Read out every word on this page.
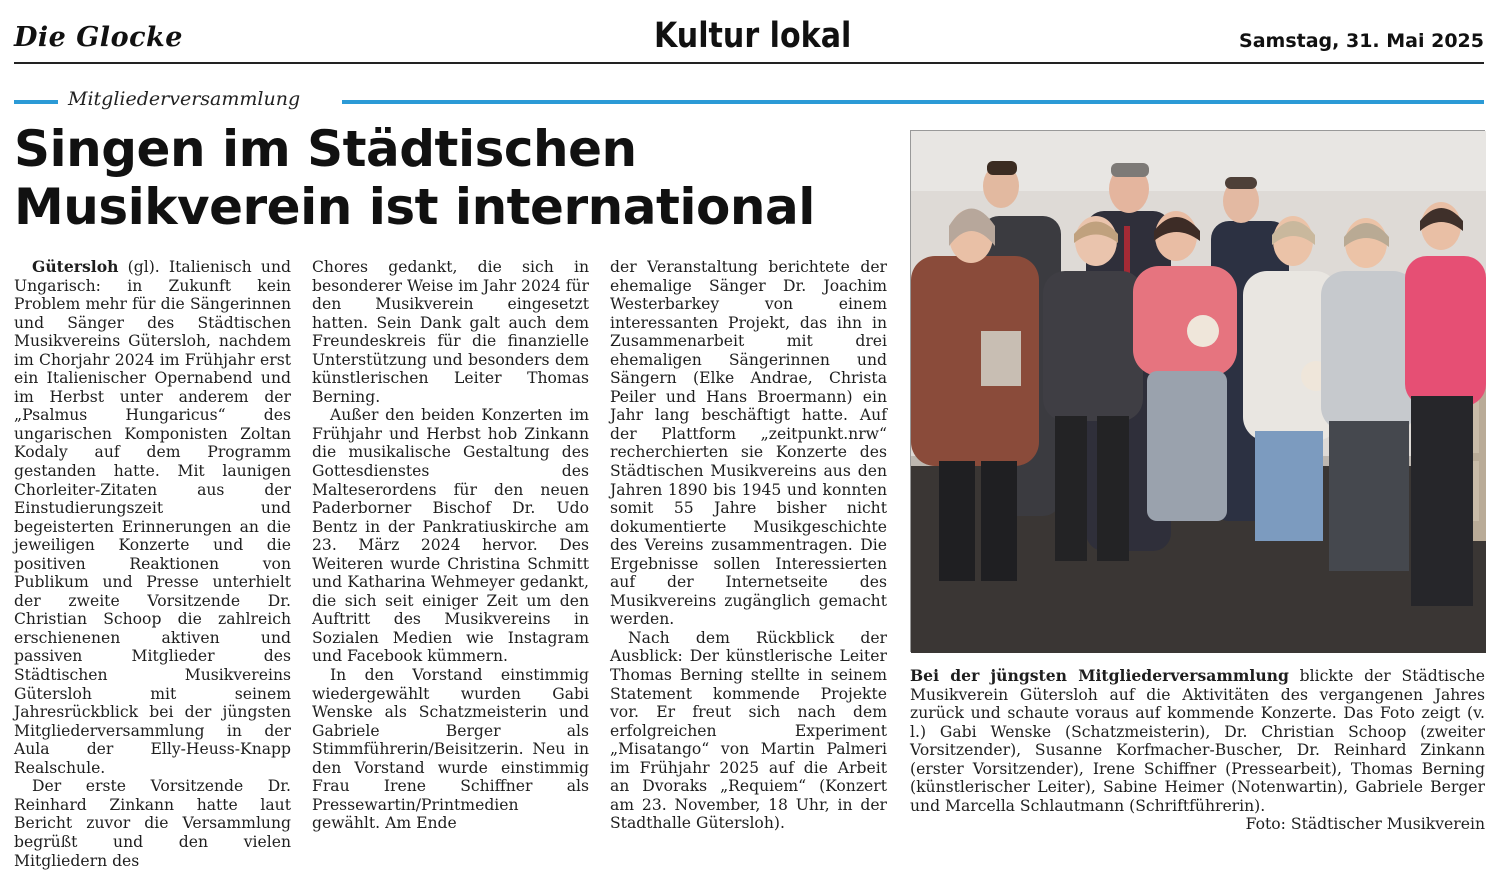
Die Glocke	Kultur lokal	Samstag, 31. Mai 2025
Mitgliederversammlung
Singen im Städtischen
Musikverein ist international

Gütersloh (gl). Italienisch und Ungarisch: in Zukunft kein Problem mehr für die Sängerinnen und Sänger des Städtischen Musikvereins Gütersloh, nachdem im Chorjahr 2024 im Frühjahr erst ein Italienischer Opernabend und im Herbst unter anderem der „Psalmus Hungaricus“ des ungarischen Komponisten Zoltan Kodaly auf dem Programm gestanden hatte. Mit launigen Chorleiter-Zitaten aus der Einstudierungszeit und begeisterten Erinnerungen an die jeweiligen Konzerte und die positiven Reaktionen von Publikum und Presse unterhielt der zweite Vorsitzende Dr. Christian Schoop die zahlreich erschienenen aktiven und passiven Mitglieder des Städtischen Musikvereins Gütersloh mit seinem Jahresrückblick bei der jüngsten Mitgliederversammlung in der Aula der Elly-Heuss-Knapp Realschule.

Der erste Vorsitzende Dr. Reinhard Zinkann hatte laut Bericht zuvor die Versammlung begrüßt und den vielen Mitgliedern des

Chores gedankt, die sich in besonderer Weise im Jahr 2024 für den Musikverein eingesetzt hatten. Sein Dank galt auch dem Freundeskreis für die finanzielle Unterstützung und besonders dem künstlerischen Leiter Thomas Berning.

Außer den beiden Konzerten im Frühjahr und Herbst hob Zinkann die musikalische Gestaltung des Gottesdienstes des Malteserordens für den neuen Paderborner Bischof Dr. Udo Bentz in der Pankratiuskirche am 23. März 2024 hervor. Des Weiteren wurde Christina Schmitt und Katharina Wehmeyer gedankt, die sich seit einiger Zeit um den Auftritt des Musikvereins in Sozialen Medien wie Instagram und Facebook kümmern.

In den Vorstand einstimmig wiedergewählt wurden Gabi Wenske als Schatzmeisterin und Gabriele Berger als Stimmführerin/Beisitzerin. Neu in den Vorstand wurde einstimmig Frau Irene Schiffner als Pressewartin/Printmedien gewählt. Am Ende

der Veranstaltung berichtete der ehemalige Sänger Dr. Joachim Westerbarkey von einem interessanten Projekt, das ihn in Zusammenarbeit mit drei ehemaligen Sängerinnen und Sängern (Elke Andrae, Christa Peiler und Hans Broermann) ein Jahr lang beschäftigt hatte. Auf der Plattform „zeitpunkt.nrw“ recherchierten sie Konzerte des Städtischen Musikvereins aus den Jahren 1890 bis 1945 und konnten somit 55 Jahre bisher nicht dokumentierte Musikgeschichte des Vereins zusammentragen. Die Ergebnisse sollen Interessierten auf der Internetseite des Musikvereins zugänglich gemacht werden.

Nach dem Rückblick der Ausblick: Der künstlerische Leiter Thomas Berning stellte in seinem Statement kommende Projekte vor. Er freut sich nach dem erfolgreichen Experiment „Misatango“ von Martin Palmeri im Frühjahr 2025 auf die Arbeit an Dvoraks „Requiem“ (Konzert am 23. November, 18 Uhr, in der Stadthalle Gütersloh).

Bei der jüngsten Mitgliederversammlung blickte der Städtische Musikverein Gütersloh auf die Aktivitäten des vergangenen Jahres zurück und schaute voraus auf kommende Konzerte. Das Foto zeigt (v. l.) Gabi Wenske (Schatzmeisterin), Dr. Christian Schoop (zweiter Vorsitzender), Susanne Korfmacher-Buscher, Dr. Reinhard Zinkann (erster Vorsitzender), Irene Schiffner (Pressearbeit), Thomas Berning (künstlerischer Leiter), Sabine Heimer (Notenwartin), Gabriele Berger und Marcella Schlautmann (Schriftführerin).
Foto: Städtischer Musikverein
